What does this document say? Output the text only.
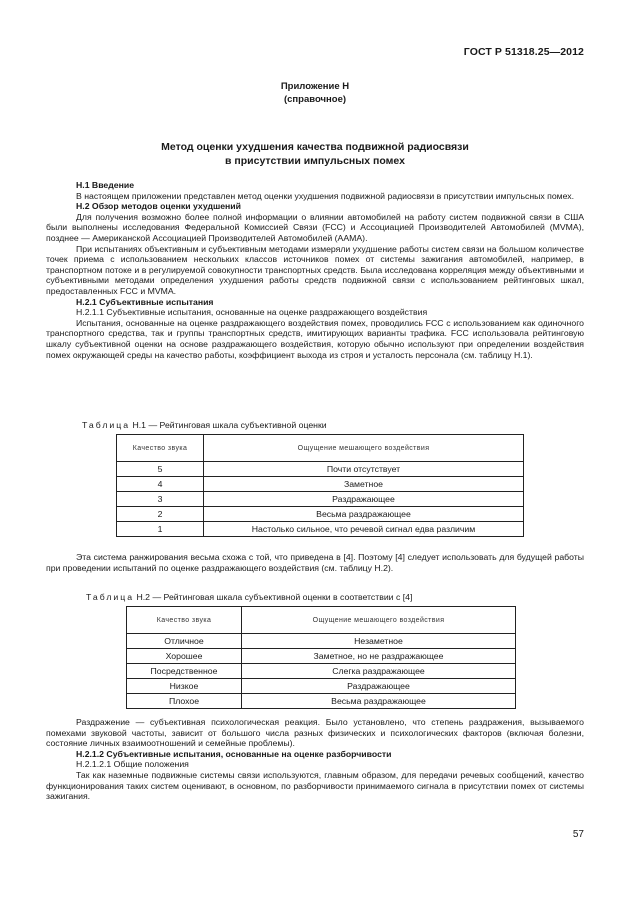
ГОСТ Р 51318.25—2012
Приложение Н
(справочное)
Метод оценки ухудшения качества подвижной радиосвязи
в присутствии импульсных помех
Н.1 Введение

В настоящем приложении представлен метод оценки ухудшения подвижной радиосвязи в присутствии импульсных помех.

Н.2 Обзор методов оценки ухудшений

Для получения возможно более полной информации о влиянии автомобилей на работу систем подвижной связи в США были выполнены исследования Федеральной Комиссией Связи (FCC) и Ассоциацией Производителей Автомобилей (MVMA), позднее — Американской Ассоциацией Производителей Автомобилей (AAMA).

При испытаниях объективным и субъективным методами измеряли ухудшение работы систем связи на большом количестве точек приема с использованием нескольких классов источников помех от системы зажигания автомобилей, например, в транспортном потоке и в регулируемой совокупности транспортных средств. Была исследована корреляция между объективными и субъективными методами определения ухудшения работы средств подвижной связи с использованием рейтинговых шкал, предоставленных FCC и MVMA.

Н.2.1 Субъективные испытания
Н.2.1.1 Субъективные испытания, основанные на оценке раздражающего воздействия

Испытания, основанные на оценке раздражающего воздействия помех, проводились FCC с использованием как одиночного транспортного средства, так и группы транспортных средств, имитирующих варианты трафика. FCC использовала рейтинговую шкалу субъективной оценки на основе раздражающего воздействия, которую обычно используют при определении воздействия помех окружающей среды на качество работы, коэффициент выхода из строя и усталость персонала (см. таблицу Н.1).

Таблица Н.1 — Рейтинговая шкала субъективной оценки
Качество звука	Ощущение мешающего воздействия
5	Почти отсутствует
4	Заметное
3	Раздражающее
2	Весьма раздражающее
1	Настолько сильное, что речевой сигнал едва различим

Эта система ранжирования весьма схожа с той, что приведена в [4]. Поэтому [4] следует использовать для будущей работы при проведении испытаний по оценке раздражающего воздействия (см. таблицу Н.2).

Таблица Н.2 — Рейтинговая шкала субъективной оценки в соответствии с [4]
Качество звука	Ощущение мешающего воздействия
Отличное	Незаметное
Хорошее	Заметное, но не раздражающее
Посредственное	Слегка раздражающее
Низкое	Раздражающее
Плохое	Весьма раздражающее

Раздражение — субъективная психологическая реакция. Было установлено, что степень раздражения, вызываемого помехами звуковой частоты, зависит от большого числа разных физических и психологических факторов (включая болезни, состояние личных взаимоотношений и семейные проблемы).

Н.2.1.2 Субъективные испытания, основанные на оценке разборчивости
Н.2.1.2.1 Общие положения

Так как наземные подвижные системы связи используются, главным образом, для передачи речевых сообщений, качество функционирования таких систем оценивают, в основном, по разборчивости принимаемого сигнала в присутствии помех от системы зажигания.

57
